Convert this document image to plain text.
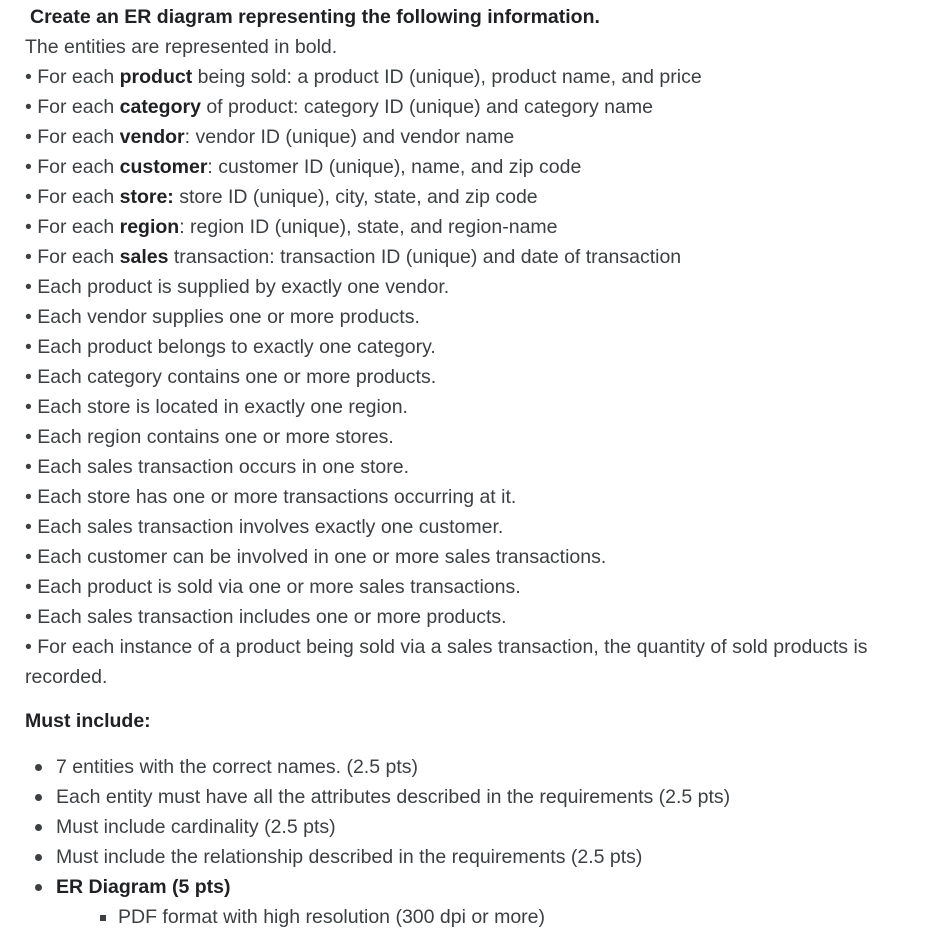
Create an ER diagram representing the following information.
The entities are represented in bold.
• For each product being sold: a product ID (unique), product name, and price
• For each category of product: category ID (unique) and category name
• For each vendor: vendor ID (unique) and vendor name
• For each customer: customer ID (unique), name, and zip code
• For each store: store ID (unique), city, state, and zip code
• For each region: region ID (unique), state, and region-name
• For each sales transaction: transaction ID (unique) and date of transaction
• Each product is supplied by exactly one vendor.
• Each vendor supplies one or more products.
• Each product belongs to exactly one category.
• Each category contains one or more products.
• Each store is located in exactly one region.
• Each region contains one or more stores.
• Each sales transaction occurs in one store.
• Each store has one or more transactions occurring at it.
• Each sales transaction involves exactly one customer.
• Each customer can be involved in one or more sales transactions.
• Each product is sold via one or more sales transactions.
• Each sales transaction includes one or more products.
• For each instance of a product being sold via a sales transaction, the quantity of sold products is recorded.
Must include:
7 entities with the correct names. (2.5 pts)
Each entity must have all the attributes described in the requirements (2.5 pts)
Must include cardinality (2.5 pts)
Must include the relationship described in the requirements (2.5 pts)
ER Diagram (5 pts)
PDF format with high resolution (300 dpi or more)
